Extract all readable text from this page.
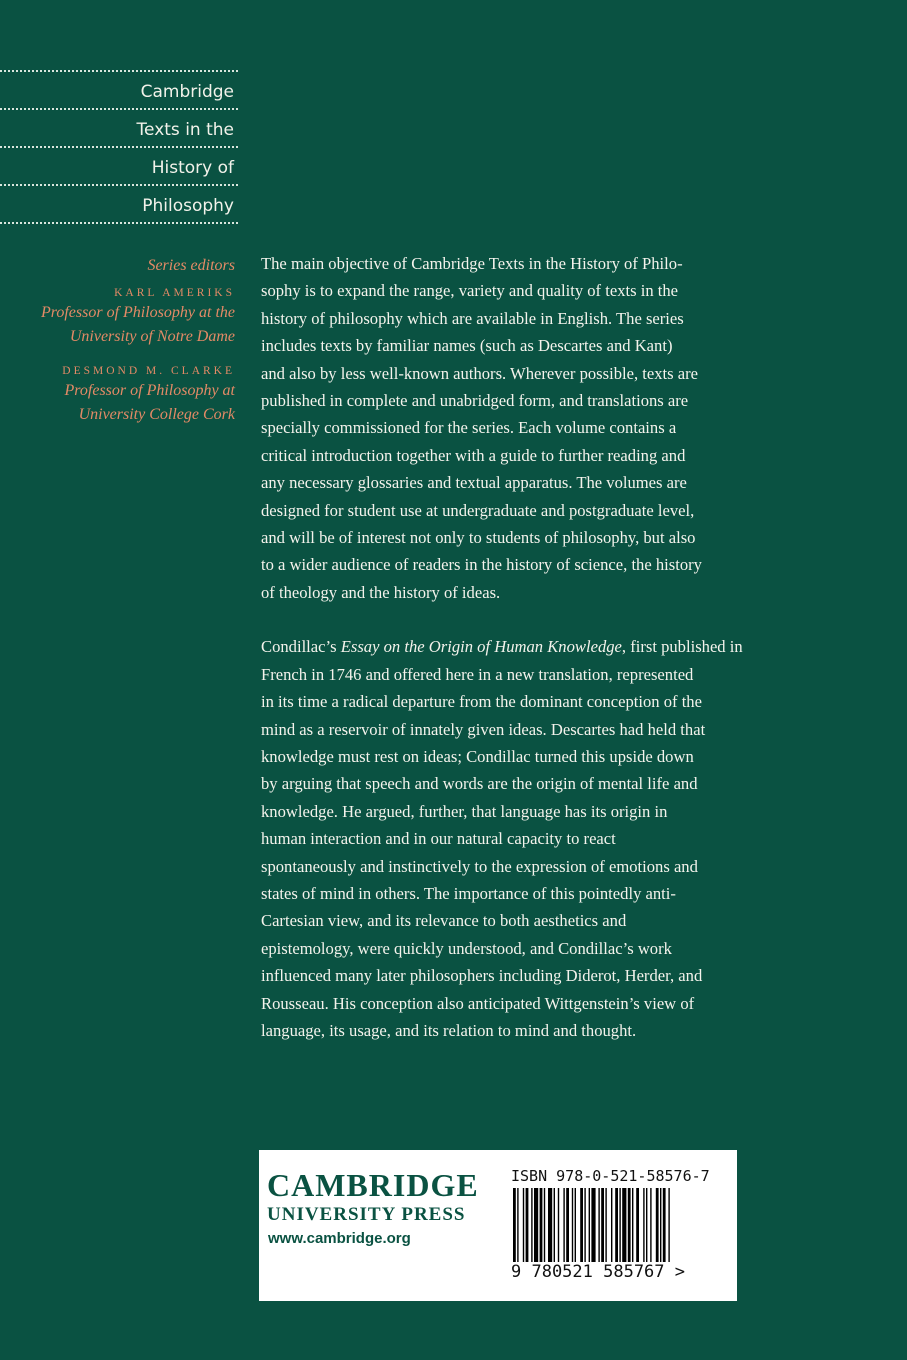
Cambridge
Texts in the
History of
Philosophy
Series editors
KARL AMERIKS
Professor of Philosophy at the
University of Notre Dame
DESMOND M. CLARKE
Professor of Philosophy at
University College Cork

The main objective of Cambridge Texts in the History of Philo-
sophy is to expand the range, variety and quality of texts in the
history of philosophy which are available in English. The series
includes texts by familiar names (such as Descartes and Kant)
and also by less well-known authors. Wherever possible, texts are
published in complete and unabridged form, and translations are
specially commissioned for the series. Each volume contains a
critical introduction together with a guide to further reading and
any necessary glossaries and textual apparatus. The volumes are
designed for student use at undergraduate and postgraduate level,
and will be of interest not only to students of philosophy, but also
to a wider audience of readers in the history of science, the history
of theology and the history of ideas.

Condillac’s Essay on the Origin of Human Knowledge, first published in
French in 1746 and offered here in a new translation, represented
in its time a radical departure from the dominant conception of the
mind as a reservoir of innately given ideas. Descartes had held that
knowledge must rest on ideas; Condillac turned this upside down
by arguing that speech and words are the origin of mental life and
knowledge. He argued, further, that language has its origin in
human interaction and in our natural capacity to react
spontaneously and instinctively to the expression of emotions and
states of mind in others. The importance of this pointedly anti-
Cartesian view, and its relevance to both aesthetics and
epistemology, were quickly understood, and Condillac’s work
influenced many later philosophers including Diderot, Herder, and
Rousseau. His conception also anticipated Wittgenstein’s view of
language, its usage, and its relation to mind and thought.

CAMBRIDGE
UNIVERSITY PRESS
www.cambridge.org
ISBN 978-0-521-58576-7
9 780521 585767 >
